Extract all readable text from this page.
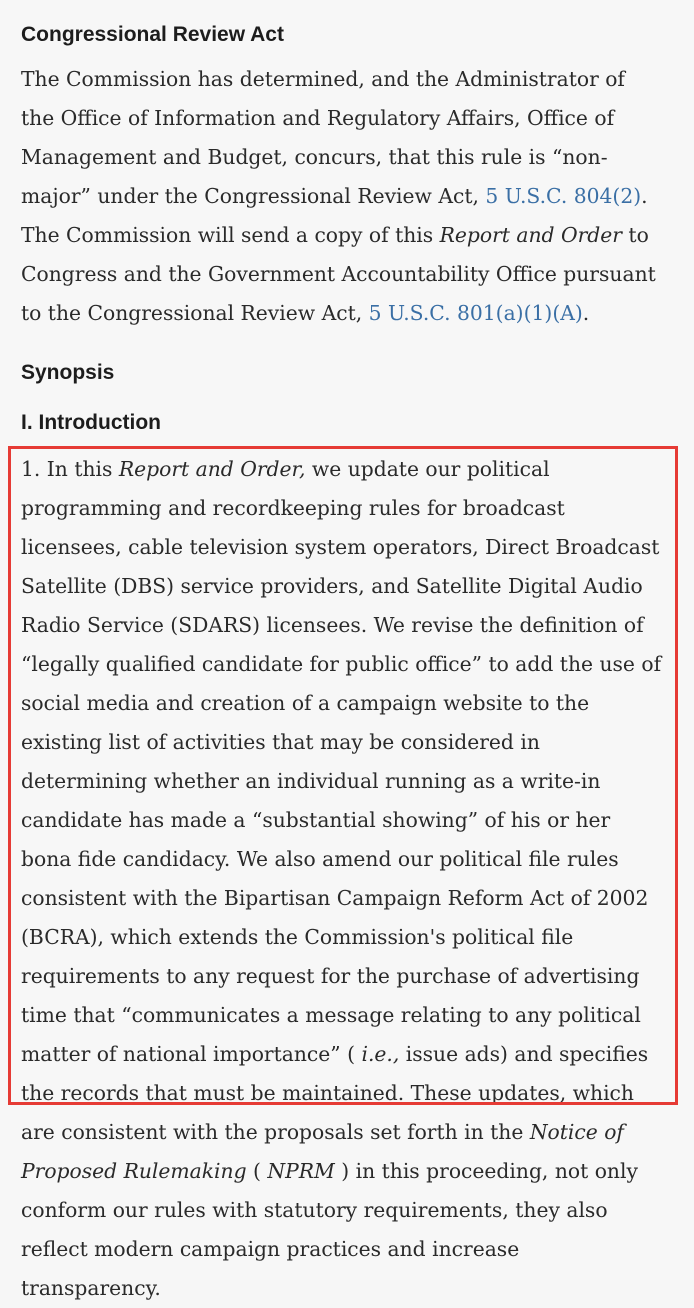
Congressional Review Act
The Commission has determined, and the Administrator of
the Office of Information and Regulatory Affairs, Office of
Management and Budget, concurs, that this rule is “non-
major” under the Congressional Review Act, 5 U.S.C. 804(2).
The Commission will send a copy of this Report and Order to
Congress and the Government Accountability Office pursuant
to the Congressional Review Act, 5 U.S.C. 801(a)(1)(A).
Synopsis
I. Introduction
1. In this Report and Order, we update our political
programming and recordkeeping rules for broadcast
licensees, cable television system operators, Direct Broadcast
Satellite (DBS) service providers, and Satellite Digital Audio
Radio Service (SDARS) licensees. We revise the definition of
“legally qualified candidate for public office” to add the use of
social media and creation of a campaign website to the
existing list of activities that may be considered in
determining whether an individual running as a write-in
candidate has made a “substantial showing” of his or her
bona fide candidacy. We also amend our political file rules
consistent with the Bipartisan Campaign Reform Act of 2002
(BCRA), which extends the Commission's political file
requirements to any request for the purchase of advertising
time that “communicates a message relating to any political
matter of national importance” ( i.e., issue ads) and specifies
the records that must be maintained. These updates, which
are consistent with the proposals set forth in the Notice of
Proposed Rulemaking ( NPRM ) in this proceeding, not only
conform our rules with statutory requirements, they also
reflect modern campaign practices and increase
transparency.
